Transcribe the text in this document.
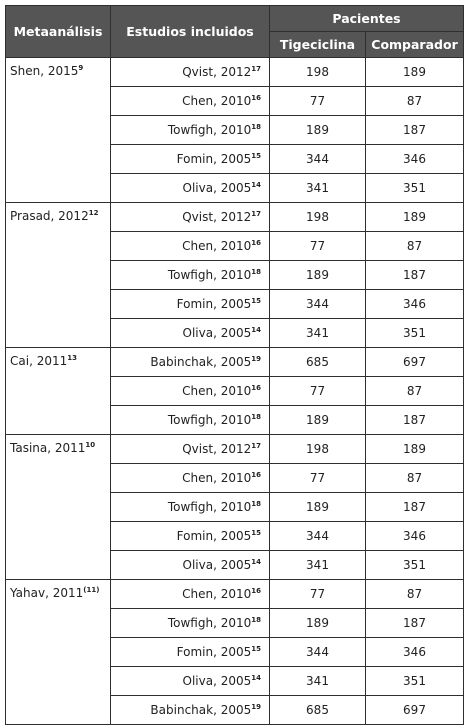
Metaanálisis	Estudios incluidos	Pacientes	
		Tigeciclina	Comparador
Shen, 2015$^9$	Qvist, 2012$^{17}$	198	189
	Chen, 2010$^{16}$	77	87
	Towfigh, 2010$^{18}$	189	187
	Fomin, 2005$^{15}$	344	346
	Oliva, 2005$^{14}$	341	351
Prasad, 2012$^{12}$	Qvist, 2012$^{17}$	198	189
	Chen, 2010$^{16}$	77	87
	Towfigh, 2010$^{18}$	189	187
	Fomin, 2005$^{15}$	344	346
	Oliva, 2005$^{14}$	341	351
Cai, 2011$^{13}$	Babinchak, 2005$^{19}$	685	697
	Chen, 2010$^{16}$	77	87
	Towfigh, 2010$^{18}$	189	187
Tasina, 2011$^{10}$	Qvist, 2012$^{17}$	198	189
	Chen, 2010$^{16}$	77	87
	Towfigh, 2010$^{18}$	189	187
	Fomin, 2005$^{15}$	344	346
	Oliva, 2005$^{14}$	341	351
Yahav, 2011$^{(11)}$	Chen, 2010$^{16}$	77	87
	Towfigh, 2010$^{18}$	189	187
	Fomin, 2005$^{15}$	344	346
	Oliva, 2005$^{14}$	341	351
	Babinchak, 2005$^{19}$	685	697
